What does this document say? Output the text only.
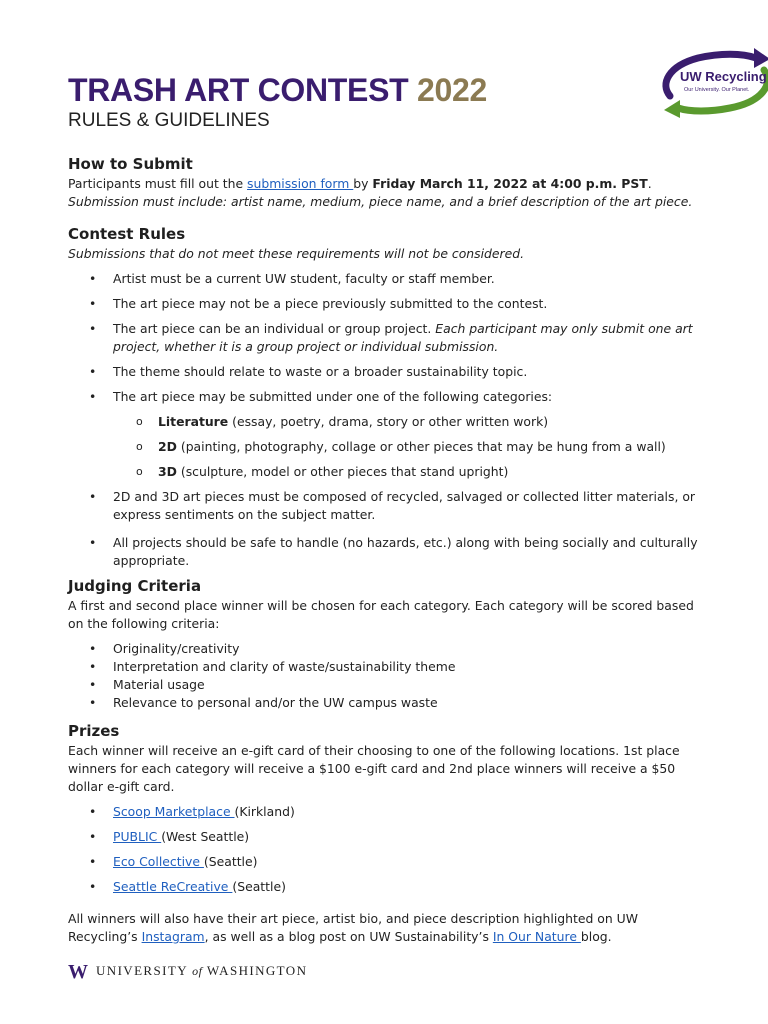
TRASH ART CONTEST 2022
RULES & GUIDELINES
UW Recycling
Our University. Our Planet.
How to Submit

Participants must fill out the submission form by Friday March 11, 2022 at 4:00 p.m. PST. Submission must include: artist name, medium, piece name, and a brief description of the art piece.

Contest Rules

Submissions that do not meet these requirements will not be considered.

• Artist must be a current UW student, faculty or staff member.
• The art piece may not be a piece previously submitted to the contest.
• The art piece can be an individual or group project. Each participant may only submit one art project, whether it is a group project or individual submission.
• The theme should relate to waste or a broader sustainability topic.
• The art piece may be submitted under one of the following categories:
o Literature (essay, poetry, drama, story or other written work)
o 2D (painting, photography, collage or other pieces that may be hung from a wall)
o 3D (sculpture, model or other pieces that stand upright)
• 2D and 3D art pieces must be composed of recycled, salvaged or collected litter materials, or express sentiments on the subject matter.
• All projects should be safe to handle (no hazards, etc.) along with being socially and culturally appropriate.
Judging Criteria

A first and second place winner will be chosen for each category. Each category will be scored based on the following criteria:

• Originality/creativity
• Interpretation and clarity of waste/sustainability theme
• Material usage
• Relevance to personal and/or the UW campus waste
Prizes

Each winner will receive an e-gift card of their choosing to one of the following locations. 1st place winners for each category will receive a $100 e-gift card and 2nd place winners will receive a $50 dollar e-gift card.

• Scoop Marketplace (Kirkland)
• PUBLIC (West Seattle)
• Eco Collective (Seattle)
• Seattle ReCreative (Seattle)

All winners will also have their art piece, artist bio, and piece description highlighted on UW Recycling’s Instagram, as well as a blog post on UW Sustainability’s In Our Nature blog.

W UNIVERSITY of WASHINGTON
